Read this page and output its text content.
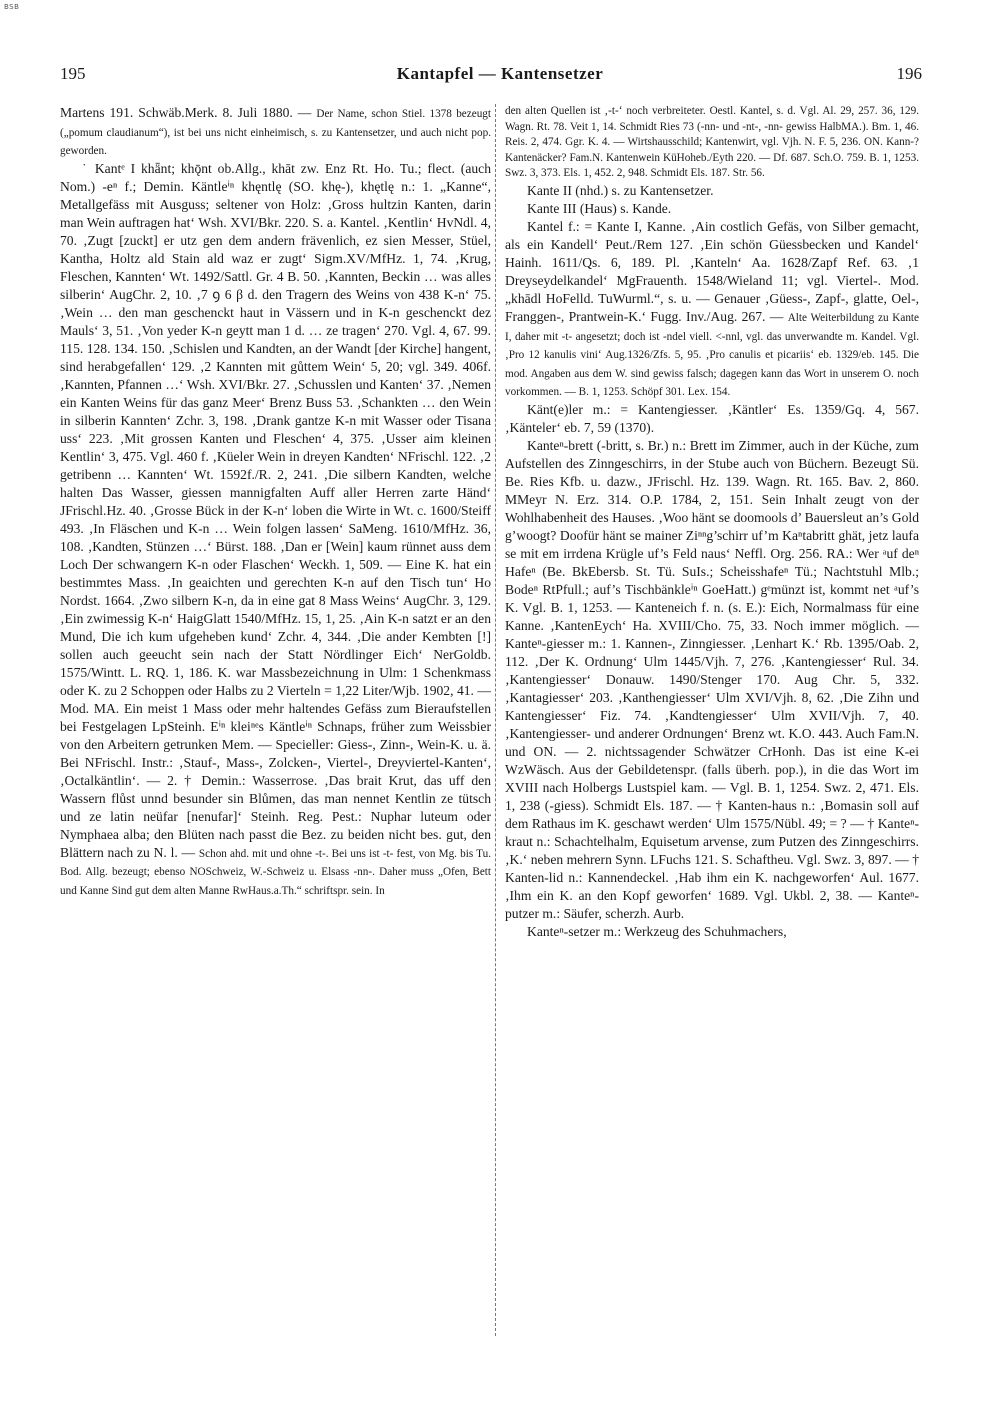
BSB
195	Kantapfel — Kantensetzer	196

Martens 191. Schwäb.Merk. 8. Juli 1880. — Der Name, schon Stiel. 1378 bezeugt („pomum claudianum“), ist bei uns nicht einheimisch, s. zu Kantensetzer, und auch nicht pop. geworden.

˙ Kantᵉ I khǟnt; khǭnt ob.Allg., khāt zw. Enz Rt. Ho. Tu.; flect. (auch Nom.) -eⁿ f.; Demin. Käntleⁱⁿ khęntlę (SO. khę-), khętlę n.: 1. „Kanne“, Metallgefäss mit Ausguss; seltener von Holz: ‚Gross hultzin Kanten, darin man Wein auftragen hat‘ Wsh. XVI/Bkr. 220. S. a. Kantel. ‚Kentlin‘ HvNdl. 4, 70. ‚Zugt [zuckt] er utz gen dem andern frävenlich, ez sien Messer, Stüel, Kantha, Holtz ald Stain ald waz er zugt‘ Sigm.XV/MfHz. 1, 74. ‚Krug, Fleschen, Kannten‘ Wt. 1492/Sattl. Gr. 4 B. 50. ‚Kannten, Beckin … was alles silberin‘ AugChr. 2, 10. ‚7 ꝯ 6 β d. den Tragern des Weins von 438 K-n‘ 75. ‚Wein … den man geschenckt haut in Vässern und in K-n geschenckt dez Mauls‘ 3, 51. ‚Von yeder K-n geytt man 1 d. … ze tragen‘ 270. Vgl. 4, 67. 99. 115. 128. 134. 150. ‚Schislen und Kandten, an der Wandt [der Kirche] hangent, sind herabgefallen‘ 129. ‚2 Kannten mit gůttem Wein‘ 5, 20; vgl. 349. 406f. ‚Kannten, Pfannen …‘ Wsh. XVI/Bkr. 27. ‚Schusslen und Kanten‘ 37. ‚Nemen ein Kanten Weins für das ganz Meer‘ Brenz Buss 53. ‚Schankten … den Wein in silberin Kannten‘ Zchr. 3, 198. ‚Drank gantze K-n mit Wasser oder Tisana uss‘ 223. ‚Mit grossen Kanten und Fleschen‘ 4, 375. ‚Usser aim kleinen Kentlin‘ 3, 475. Vgl. 460 f. ‚Küeler Wein in dreyen Kandten‘ NFrischl. 122. ‚2 getribenn … Kannten‘ Wt. 1592f./R. 2, 241. ‚Die silbern Kandten, welche halten Das Wasser, giessen mannigfalten Auff aller Herren zarte Händ‘ JFrischl.Hz. 40. ‚Grosse Bück in der K-n‘ loben die Wirte in Wt. c. 1600/Steiff 493. ‚In Fläschen und K-n … Wein folgen lassen‘ SaMeng. 1610/MfHz. 36, 108. ‚Kandten, Stünzen …‘ Bürst. 188. ‚Dan er [Wein] kaum rünnet auss dem Loch Der schwangern K-n oder Flaschen‘ Weckh. 1, 509. — Eine K. hat ein bestimmtes Mass. ‚In geaichten und gerechten K-n auf den Tisch tun‘ Ho Nordst. 1664. ‚Zwo silbern K-n, da in eine gat 8 Mass Weins‘ AugChr. 3, 129. ‚Ein zwimessig K-n‘ HaigGlatt 1540/MfHz. 15, 1, 25. ‚Ain K-n satzt er an den Mund, Die ich kum ufgeheben kund‘ Zchr. 4, 344. ‚Die ander Kembten [!] sollen auch geeucht sein nach der Statt Nördlinger Eich‘ NerGoldb. 1575/Wintt. L. RQ. 1, 186. K. war Massbezeichnung in Ulm: 1 Schenkmass oder K. zu 2 Schoppen oder Halbs zu 2 Vierteln = 1,22 Liter/Wjb. 1902, 41. — Mod. MA. Ein meist 1 Mass oder mehr haltendes Gefäss zum Bieraufstellen bei Festgelagen LpSteinh. Eⁱⁿ kleiⁿᵉs Käntleⁱⁿ Schnaps, früher zum Weissbier von den Arbeitern getrunken Mem. — Specieller: Giess-, Zinn-, Wein-K. u. ä. Bei NFrischl. Instr.: ‚Stauf-, Mass-, Zolcken-, Viertel-, Dreyviertel-Kanten‘, ‚Octalkäntlin‘. — 2. † Demin.: Wasserrose. ‚Das brait Krut, das uff den Wassern flůst unnd besunder sin Blůmen, das man nennet Kentlin ze tütsch und ze latin neüfar [nenufar]‘ Steinh. Reg. Pest.: Nuphar luteum oder Nymphaea alba; den Blüten nach passt die Bez. zu beiden nicht bes. gut, den Blättern nach zu N. l. — Schon ahd. mit und ohne -t-. Bei uns ist -t- fest, von Mg. bis Tu. Bod. Allg. bezeugt; ebenso NOSchweiz, W.-Schweiz u. Elsass -nn-. Daher muss „Ofen, Bett und Kanne Sind gut dem alten Manne RwHaus.a.Th.“ schriftspr. sein. In

den alten Quellen ist ‚-t-‘ noch verbreiteter. Oestl. Kantel, s. d. Vgl. Al. 29, 257. 36, 129. Wagn. Rt. 78. Veit 1, 14. Schmidt Ries 73 (-nn- und -nt-, -nn- gewiss HalbMA.). Bm. 1, 46. Reis. 2, 474. Ggr. K. 4. — Wirtshausschild; Kantenwirt, vgl. Vjh. N. F. 5, 236. ON. Kann-? Kantenäcker? Fam.N. Kantenwein KüHoheb./Eyth 220. — Df. 687. Sch.O. 759. B. 1, 1253. Swz. 3, 373. Els. 1, 452. 2, 948. Schmidt Els. 187. Str. 56.

Kante II (nhd.) s. zu Kantensetzer.

Kante III (Haus) s. Kande.

Kantel f.: = Kante I, Kanne. ‚Ain costlich Gefäs, von Silber gemacht, als ein Kandell‘ Peut./Rem 127. ‚Ein schön Güessbecken und Kandel‘ Hainh. 1611/Qs. 6, 189. Pl. ‚Kanteln‘ Aa. 1628/Zapf Ref. 63. ‚1 Dreyseydelkandel‘ MgFrauenth. 1548/Wieland 11; vgl. Viertel-. Mod. „khādl HoFelld. TuWurml.“, s. u. — Genauer ‚Güess-, Zapf-, glatte, Oel-, Franggen-, Prantwein-K.‘ Fugg. Inv./Aug. 267. — Alte Weiterbildung zu Kante I, daher mit -t- angesetzt; doch ist -ndel viell. <-nnl, vgl. das unverwandte m. Kandel. Vgl. ‚Pro 12 kanulis vini‘ Aug.1326/Zfs. 5, 95. ‚Pro canulis et picariis‘ eb. 1329/eb. 145. Die mod. Angaben aus dem W. sind gewiss falsch; dagegen kann das Wort in unserem O. noch vorkommen. — B. 1, 1253. Schöpf 301. Lex. 154.

Känt(e)ler m.: = Kantengiesser. ‚Käntler‘ Es. 1359/Gq. 4, 567. ‚Känteler‘ eb. 7, 59 (1370).

Kanteⁿ-brett (-britt, s. Br.) n.: Brett im Zimmer, auch in der Küche, zum Aufstellen des Zinngeschirrs, in der Stube auch von Büchern. Bezeugt Sü. Be. Ries Kfb. u. dazw., JFrischl. Hz. 139. Wagn. Rt. 165. Bav. 2, 860. MMeyr N. Erz. 314. O.P. 1784, 2, 151. Sein Inhalt zeugt von der Wohlhabenheit des Hauses. ‚Woo hänt se doomools d’ Bauersleut an’s Gold g’woogt? Doofür hänt se mainer Ziⁿⁿg’schirr uf’m Kaⁿtabritt ghät, jetz laufa se mit em irrdena Krügle uf’s Feld naus‘ Neffl. Org. 256. RA.: Wer ᵃuf deⁿ Hafeⁿ (Be. BkEbersb. St. Tü. SuIs.; Scheisshafeⁿ Tü.; Nachtstuhl Mlb.; Bodeⁿ RtPfull.; auf’s Tischbänkleⁱⁿ GoeHatt.) gᵉmünzt ist, kommt net ᵃuf’s K. Vgl. B. 1, 1253. — Kanteneich f. n. (s. E.): Eich, Normalmass für eine Kanne. ‚KantenEych‘ Ha. XVIII/Cho. 75, 33. Noch immer möglich. — Kanteⁿ-giesser m.: 1. Kannen-, Zinngiesser. ‚Lenhart K.‘ Rb. 1395/Oab. 2, 112. ‚Der K. Ordnung‘ Ulm 1445/Vjh. 7, 276. ‚Kantengiesser‘ Rul. 34. ‚Kantengiesser‘ Donauw. 1490/Stenger 170. Aug Chr. 5, 332. ‚Kantagiesser‘ 203. ‚Kanthengiesser‘ Ulm XVI/Vjh. 8, 62. ‚Die Zihn und Kantengiesser‘ Fiz. 74. ‚Kandtengiesser‘ Ulm XVII/Vjh. 7, 40. ‚Kantengiesser- und anderer Ordnungen‘ Brenz wt. K.O. 443. Auch Fam.N. und ON. — 2. nichtssagender Schwätzer CrHonh. Das ist eine K-ei WzWäsch. Aus der Gebildetenspr. (falls überh. pop.), in die das Wort im XVIII nach Holbergs Lustspiel kam. — Vgl. B. 1, 1254. Swz. 2, 471. Els. 1, 238 (-giess). Schmidt Els. 187. — † Kanten-haus n.: ‚Bomasin soll auf dem Rathaus im K. geschawt werden‘ Ulm 1575/Nübl. 49; = ? — † Kanteⁿ-kraut n.: Schachtelhalm, Equisetum arvense, zum Putzen des Zinngeschirrs. ‚K.‘ neben mehrern Synn. LFuchs 121. S. Schaftheu. Vgl. Swz. 3, 897. — † Kanten-lid n.: Kannendeckel. ‚Hab ihm ein K. nachgeworfen‘ Aul. 1677. ‚Ihm ein K. an den Kopf geworfen‘ 1689. Vgl. Ukbl. 2, 38. — Kanteⁿ-putzer m.: Säufer, scherzh. Aurb.

Kanteⁿ-setzer m.: Werkzeug des Schuhmachers,
